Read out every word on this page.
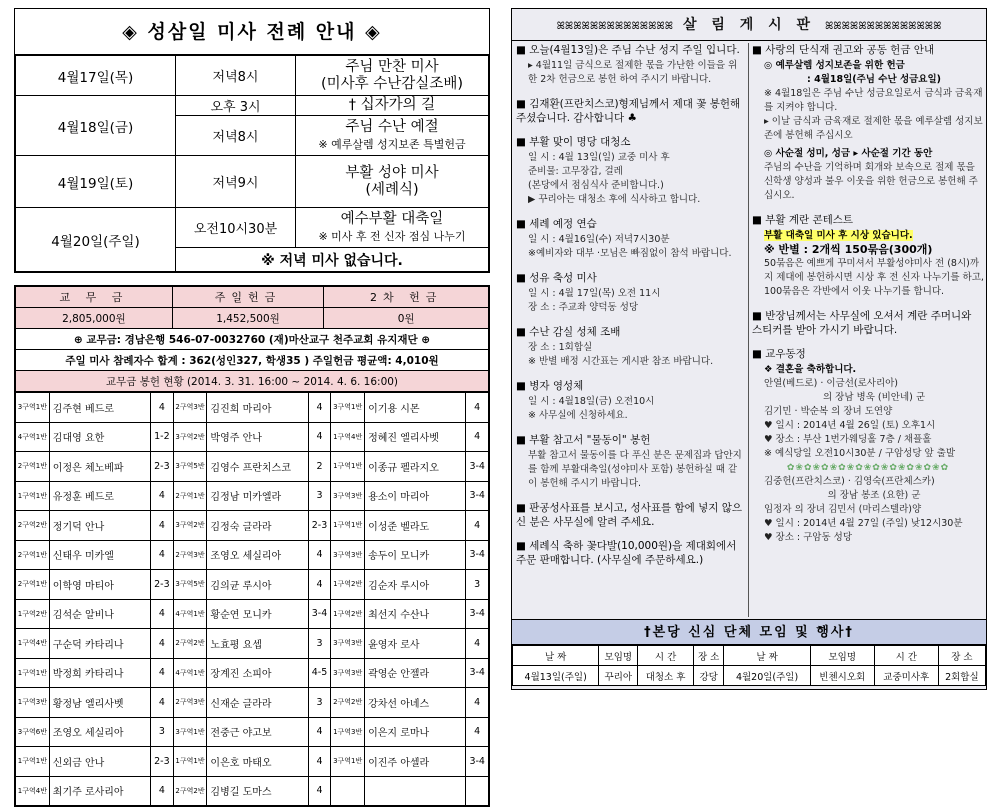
◈ 성삼일 미사 전례 안내 ◈
4월17일(목)	저녁8시	주님 만찬 미사
(미사후 수난감실조배)

4월18일(금)	오후 3시	† 십자가의 길
	저녁8시	주님 수난 예절
※ 예루살렘 성지보존 특별헌금

4월19일(토)	저녁9시	부활 성야 미사
(세례식)

4월20일(주일)	오전10시30분	예수부활 대축일
※ 미사 후 전 신자 점심 나누기

	※ 저녁 미사 없습니다.	
교 무 금	주일헌금	2차 헌금
2,805,000원	1,452,500원	0원
⊕ 교무금: 경남은행 546-07-0032760 (재)마산교구 천주교회 유지재단 ⊕		
주일 미사 참례자수 합계 : 362(성인327, 학생35 ) 주일헌금 평균액: 4,010원		
교무금 봉헌 현황 (2014. 3. 31. 16:00 ~ 2014. 4. 6. 16:00)		
3구역1반	김주현 베드로	4	2구역3반	김진희 마리아	4	3구역1반	이기용 시몬	4
4구역1반	김대영 요한	1-2	3구역2반	박영주 안나	4	1구역4반	정혜진 엘리사벳	4
2구역1반	이정은 체노베파	2-3	3구역5반	김영수 프란치스코	2	1구역1반	이종규 펠라지오	3-4
1구역1반	유정훈 베드로	4	2구역1반	김정남 미카엘라	3	3구역3반	용소이 마리아	3-4
2구역2반	정기덕 안나	4	3구역2반	김정숙 글라라	2-3	1구역1반	이성준 벨라도	4
2구역1반	신태우 미카엘	4	2구역3반	조영오 세실리아	4	3구역3반	송두이 모니카	3-4
2구역1반	이학영 마티아	2-3	3구역5반	김의균 루시아	4	1구역2반	김순자 루시아	3
1구역2반	김석순 알비나	4	4구역1반	황순연 모니카	3-4	1구역2반	최선지 수산나	3-4
1구역4반	구순덕 카타리나	4	2구역2반	노효평 요셉	3	3구역3반	윤영자 로사	4
1구역1반	박정희 카타리나	4	4구역1반	장계진 소피아	4-5	3구역3반	곽영순 안젤라	3-4
1구역3반	황정남 엘리사벳	4	2구역3반	신재순 글라라	3	2구역2반	강차선 아녜스	4
3구역6반	조영오 세실리아	3	3구역1반	전중근 야고보	4	1구역3반	이은지 로마나	4
1구역1반	신외금 안나	2-3	1구역1반	이은호 마태오	4	3구역1반	이진주 아셀라	3-4
1구역4반	최기주 로사리아	4	2구역2반	김병길 도마스	4			
ꕤꕤꕤꕤꕤꕤꕤꕤꕤꕤꕤꕤꕤꕤ 살 림 게 시 판 ꕤꕤꕤꕤꕤꕤꕤꕤꕤꕤꕤꕤꕤꕤ
■ 오늘(4월13일)은 주님 수난 성지 주일 입니다.

▸ 4월11일 금식으로 절제한 몫을 가난한 이들을 위한 2차 헌금으로 봉헌 하여 주시기 바랍니다.

■ 김재환(프란치스코)형제님께서 제대 꽃 봉헌해 주셨습니다. 감사합니다 ♣
■ 부활 맞이 명당 대청소

일 시 : 4월 13일(일) 교중 미사 후

준비물: 고무장갑, 걸레

(본당에서 점심식사 준비합니다.)

▶ 꾸리아는 대청소 후에 식사하고 합니다.

■ 세례 예정 연습

일 시 : 4월16일(수) 저녁7시30분

※예비자와 대부 ·모님은 빠짐없이 참석 바랍니다.

■ 성유 축성 미사

일 시 : 4월 17일(목) 오전 11시

장 소 : 주교좌 양덕동 성당

■ 수난 감실 성체 조배

장 소 : 1회합실

※ 반별 배정 시간표는 게시판 참조 바랍니다.

■ 병자 영성체

일 시 : 4월18일(금) 오전10시

※ 사무실에 신청하세요.

■ 부활 참고서 "물동이" 봉헌

부활 참고서 물동이를 다 푸신 분은 문제집과 답안지를 함께 부활대축일(성야미사 포함) 봉헌하실 때 같이 봉헌해 주시기 바랍니다.

■ 판공성사표를 보시고, 성사표를 함에 넣지 않으신 분은 사무실에 알려 주세요.
■ 세례식 축하 꽃다발(10,000원)을 제대회에서 주문 판매합니다. (사무실에 주문하세요.)
■ 사랑의 단식재 권고와 공동 헌금 안내

◎ 예루살렘 성지보존을 위한 헌금

: 4월18일(주님 수난 성금요일)

※ 4월18일은 주님 수난 성금요일로서 금식과 금육재를 지켜야 합니다.

▸ 이날 금식과 금육재로 절제한 몫을 예루살렘 성지보존에 봉헌해 주십시오

◎ 사순절 성미, 성금 ▸ 사순절 기간 동안

주님의 수난을 기억하며 회개와 보속으로 절제 몫을 신학생 양성과 불우 이웃을 위한 헌금으로 봉헌해 주십시오.

■ 부활 계란 콘테스트

부활 대축일 미사 후 시상 있습니다.

※ 반별 : 2개씩 150묶음(300개)

50묶음은 예쁘게 꾸미셔서 부활성야미사 전 (8시)까지 제대에 봉헌하시면 시상 후 전 신자 나누기를 하고, 100묶음은 각반에서 이웃 나누기를 합니다.

■ 반장님께서는 사무실에 오셔서 계란 주머니와 스티커를 받아 가시기 바랍니다.
■ 교우동정

❖ 결혼을 축하합니다.

안열(베드로) · 이금선(로사리아)

의 장남 병욱 (비안네) 군

김기민 · 박순복 의 장녀 도연양

♥ 일시 : 2014년 4월 26일 (토) 오후1시

♥ 장소 : 부산 1번가웨딩홀 7층 / 채플홀

※ 예식당일 오전10시30분 / 구암성당 앞 출발

✿❀✿❀✿❀✿❀✿❀✿❀✿❀✿❀✿❀✿

김중헌(프란치스코) · 김영숙(프란체스카)

의 장남 봉조 (요한) 군

임정자 의 장녀 김민서 (마리스텔라)양

♥ 일시 : 2014년 4월 27일 (주일) 낮12시30분

♥ 장소 : 구암동 성당

†본당 신심 단체 모임 및 행사†
날 짜	모임명	시 간	장 소	날 짜	모임명	시 간	장 소
4월13일(주일)	꾸리아	대청소 후	강당	4월20일(주일)	빈첸시오회	교중미사후	2회합실
